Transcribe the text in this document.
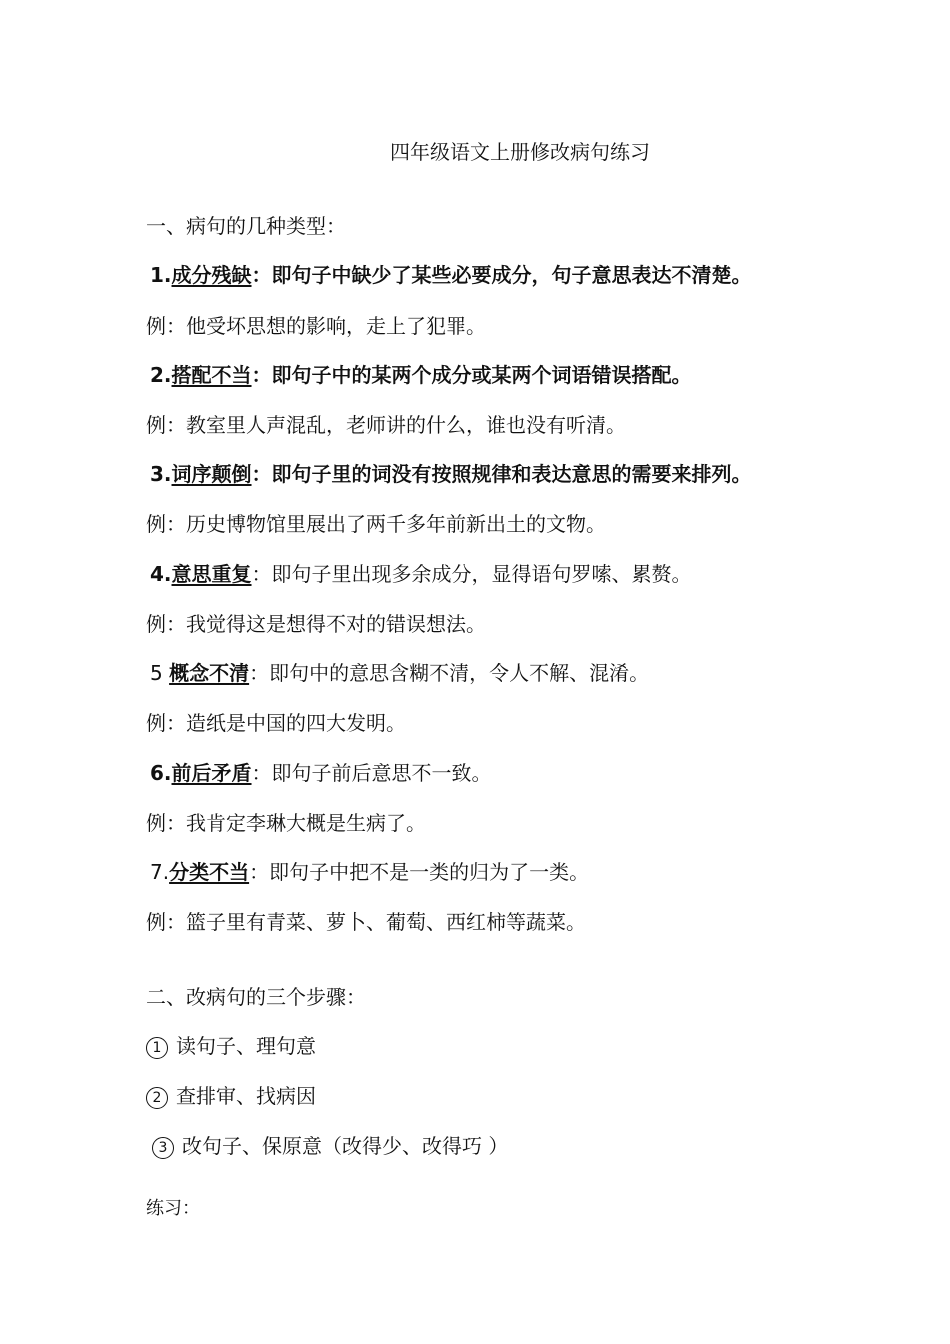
四年级语文上册修改病句练习
一、病句的几种类型：
1.成分残缺：即句子中缺少了某些必要成分，句子意思表达不清楚。
例：他受坏思想的影响，走上了犯罪。
2.搭配不当：即句子中的某两个成分或某两个词语错误搭配。
例：教室里人声混乱，老师讲的什么，谁也没有听清。
3.词序颠倒：即句子里的词没有按照规律和表达意思的需要来排列。
例：历史博物馆里展出了两千多年前新出土的文物。
4.意思重复：即句子里出现多余成分，显得语句罗嗦、累赘。
例：我觉得这是想得不对的错误想法。
5 概念不清：即句中的意思含糊不清，令人不解、混淆。
例：造纸是中国的四大发明。
6.前后矛盾：即句子前后意思不一致。
例：我肯定李琳大概是生病了。
7.分类不当：即句子中把不是一类的归为了一类。
例：篮子里有青菜、萝卜、葡萄、西红柿等蔬菜。
二、改病句的三个步骤：
1 读句子、理句意
2 查排审、找病因
3 改句子、保原意（改得少、改得巧 ）
练习：
